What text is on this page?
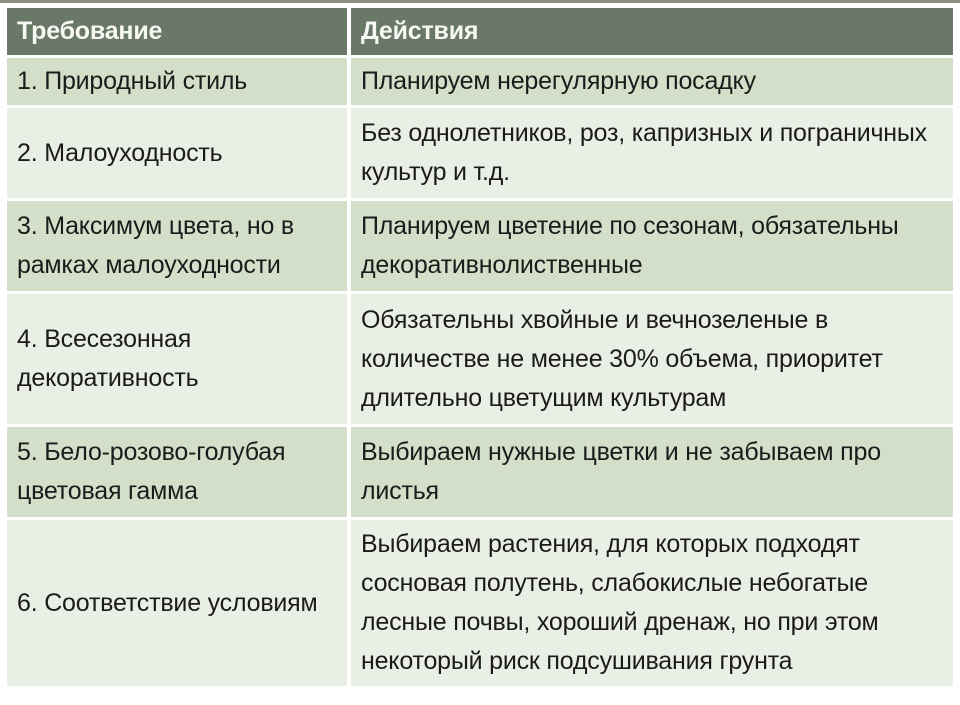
Требование	Действия
1. Природный стиль	Планируем нерегулярную посадку
2. Малоуходность
Без однолетников, роз, капризных и пограничных культур и т.д.
3. Максимум цвета, но в рамках малоуходности
Планируем цветение по сезонам, обязательны декоративнолиственные
4. Всесезонная декоративность
Обязательны хвойные и вечнозеленые в количестве не менее 30% объема, приоритет длительно цветущим культурам
5. Бело-розово-голубая цветовая гамма
Выбираем нужные цветки и не забываем про листья
6. Соответствие условиям
Выбираем растения, для которых подходят сосновая полутень, слабокислые небогатые лесные почвы, хороший дренаж, но при этом некоторый риск подсушивания грунта
